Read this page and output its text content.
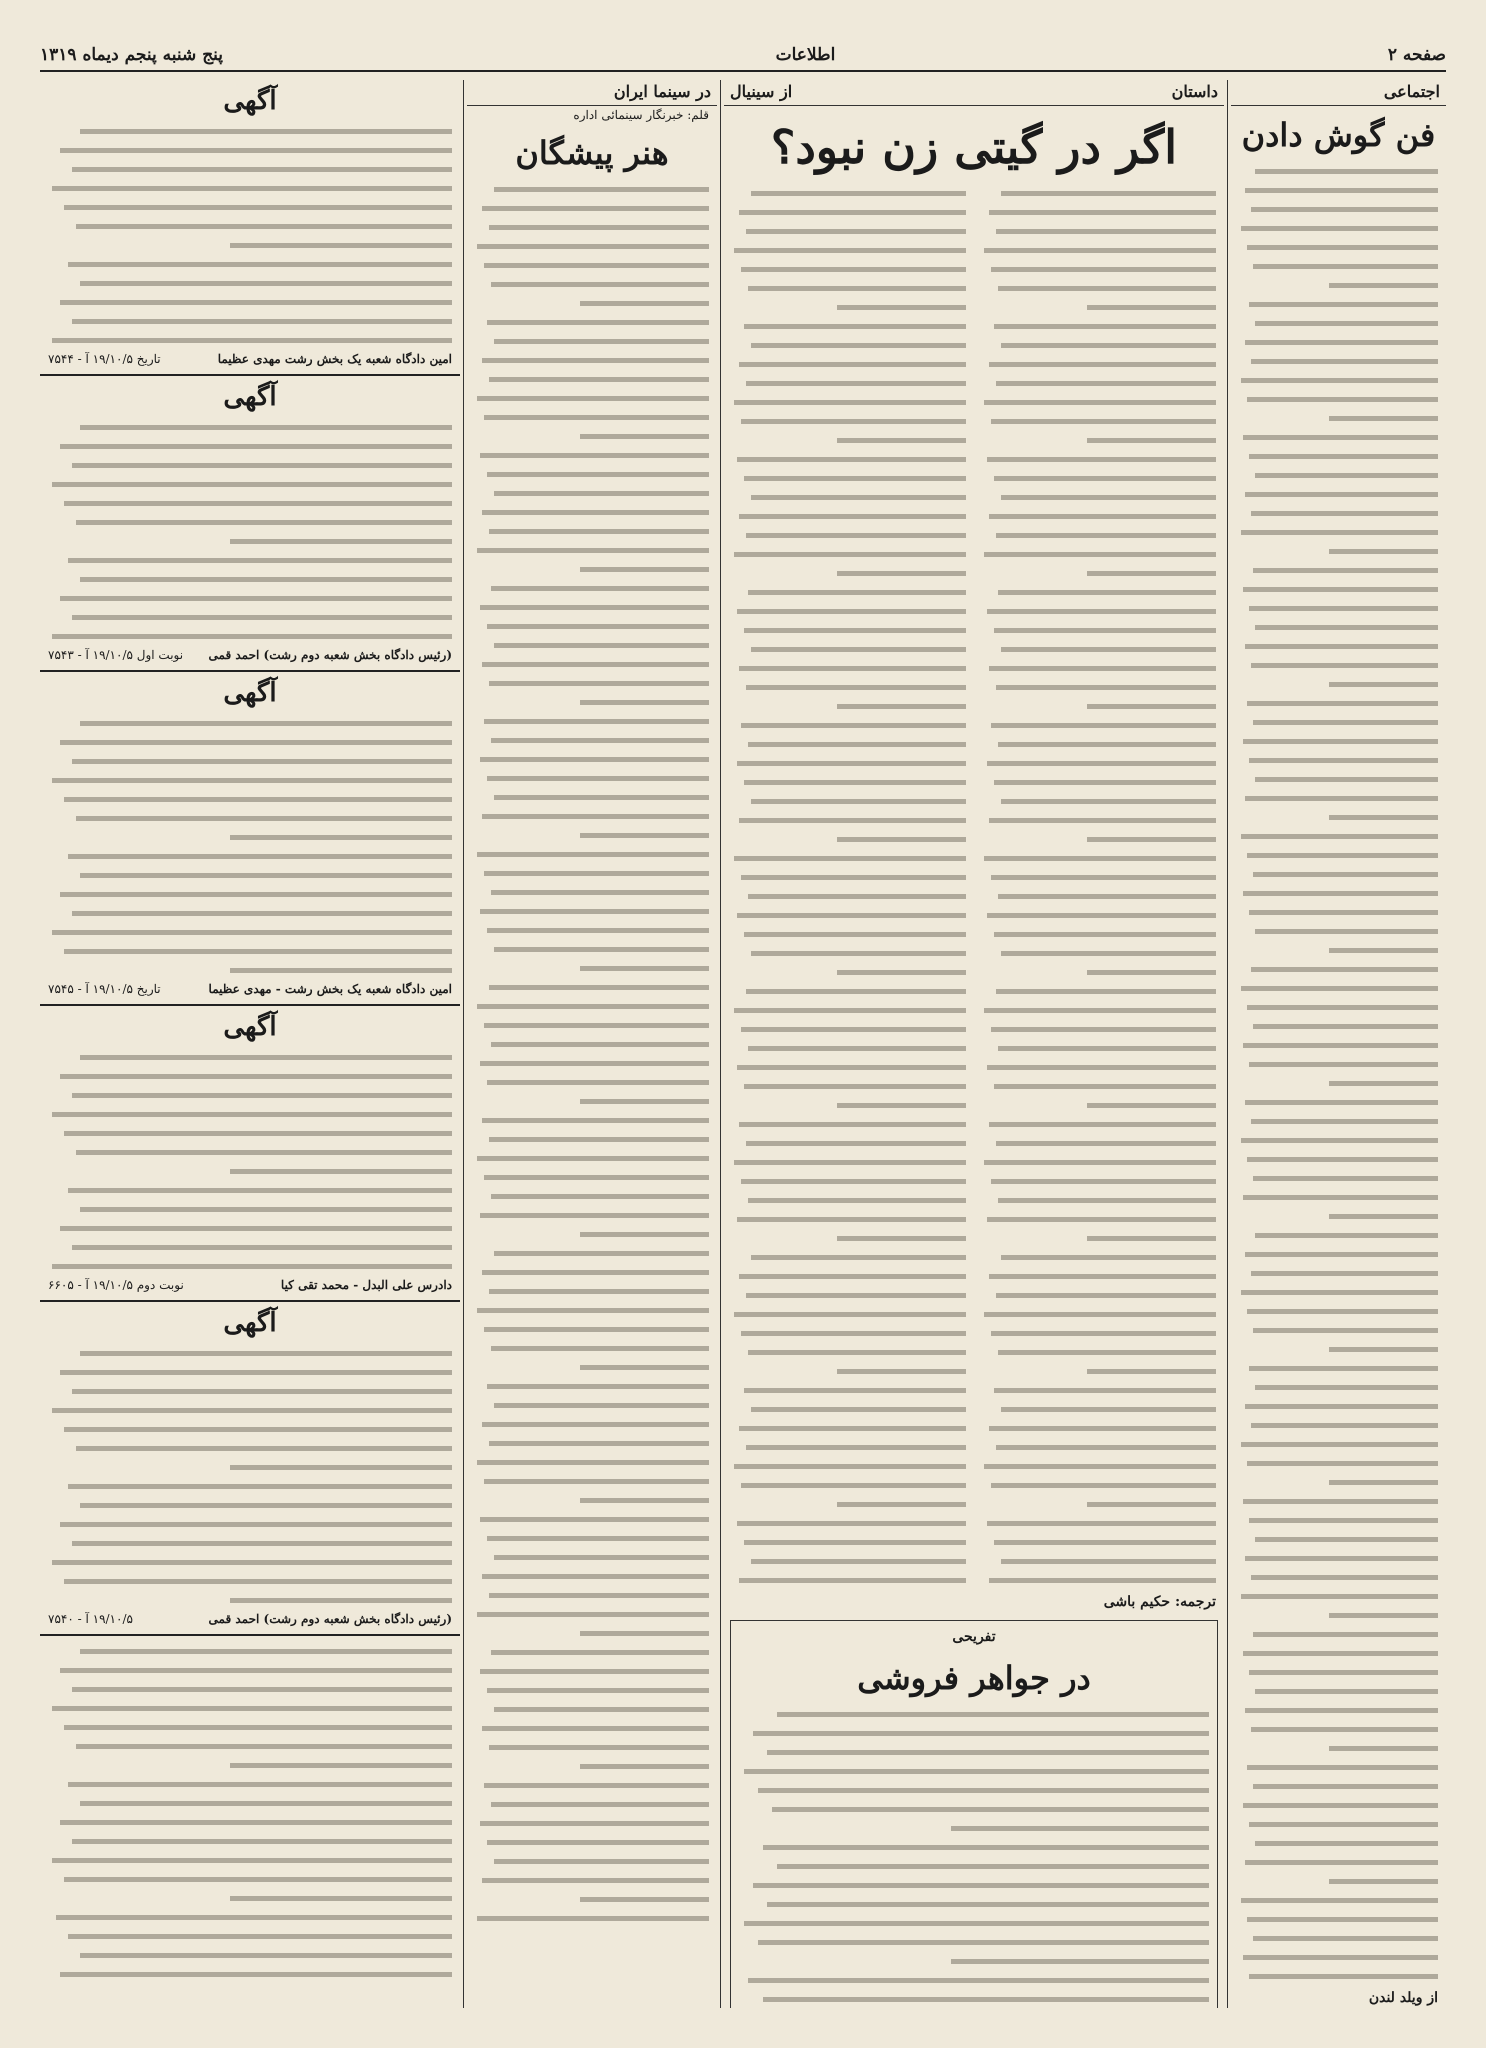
صفحه ۲
اطلاعات
پنج شنبه پنجم دیماه ۱۳۱۹
اجتماعی
فن گوش دادن
از ویلد لندن
داستان
از سینیال
اگر در گیتی زن نبود؟
ترجمه: حکیم باشی
تفریحی
در جواهر فروشی
در سینما ایران
قلم: خبرنگار سینمائی اداره
هنر پیشگان
آگهی
امین دادگاه شعبه یک بخش رشت مهدی عظیما
تاریخ ۱۹/۱۰/۵ آ - ۷۵۴۴
آگهی
(رئیس دادگاه بخش شعبه دوم رشت) احمد قمی
نوبت اول ۱۹/۱۰/۵ آ - ۷۵۴۳
آگهی
امین دادگاه شعبه یک بخش رشت - مهدی عظیما
تاریخ ۱۹/۱۰/۵ آ - ۷۵۴۵
آگهی
دادرس علی البدل - محمد تقی کیا
نوبت دوم ۱۹/۱۰/۵ آ - ۶۶۰۵
آگهی
(رئیس دادگاه بخش شعبه دوم رشت) احمد قمی
۱۹/۱۰/۵ آ - ۷۵۴۰
